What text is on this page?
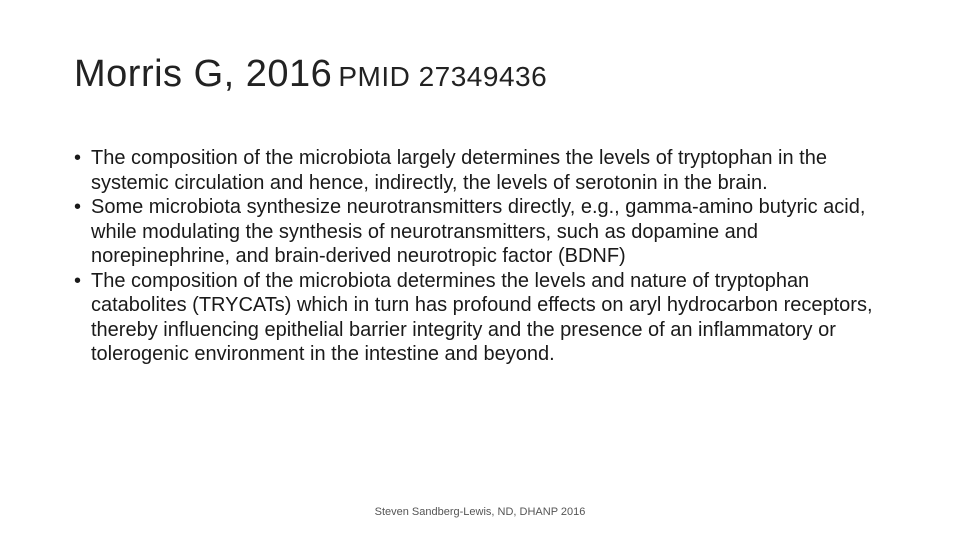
Morris G, 2016 PMID 27349436
• The composition of the microbiota largely determines the levels of tryptophan in the systemic circulation and hence, indirectly, the levels of serotonin in the brain.
• Some microbiota synthesize neurotransmitters directly, e.g., gamma-amino butyric acid, while modulating the synthesis of neurotransmitters, such as dopamine and norepinephrine, and brain-derived neurotropic factor (BDNF)
• The composition of the microbiota determines the levels and nature of tryptophan catabolites (TRYCATs) which in turn has profound effects on aryl hydrocarbon receptors, thereby influencing epithelial barrier integrity and the presence of an inflammatory or tolerogenic environment in the intestine and beyond.
Steven Sandberg-Lewis, ND, DHANP 2016
